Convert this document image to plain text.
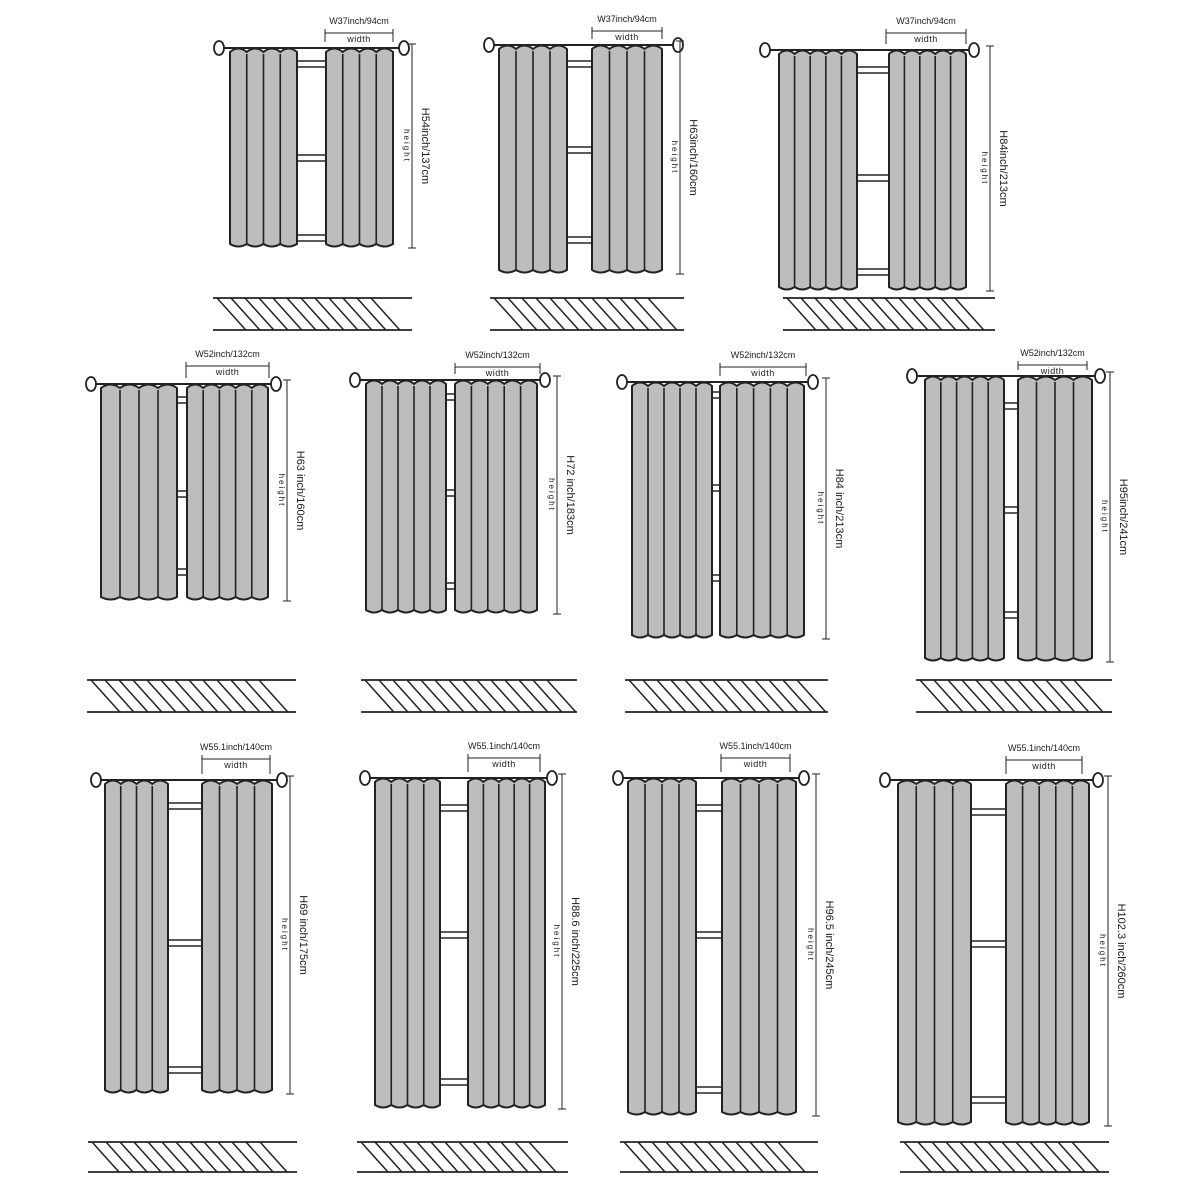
W37inch/94cm
width
H54inch/137cm
height
W37inch/94cm
width
H63inch/160cm
height
W37inch/94cm
width
H84inch/213cm
height
W52inch/132cm
width
H63 inch/160cm
height
W52inch/132cm
width
H72 inch/183cm
height
W52inch/132cm
width
H84 inch/213cm
height
W52inch/132cm
width
H95inch/241cm
height
W55.1inch/140cm
width
H69 inch/175cm
height
W55.1inch/140cm
width
H88.6 inch/225cm
height
W55.1inch/140cm
width
H96.5 inch/245cm
height
W55.1inch/140cm
width
H102.3 inch/260cm
height
